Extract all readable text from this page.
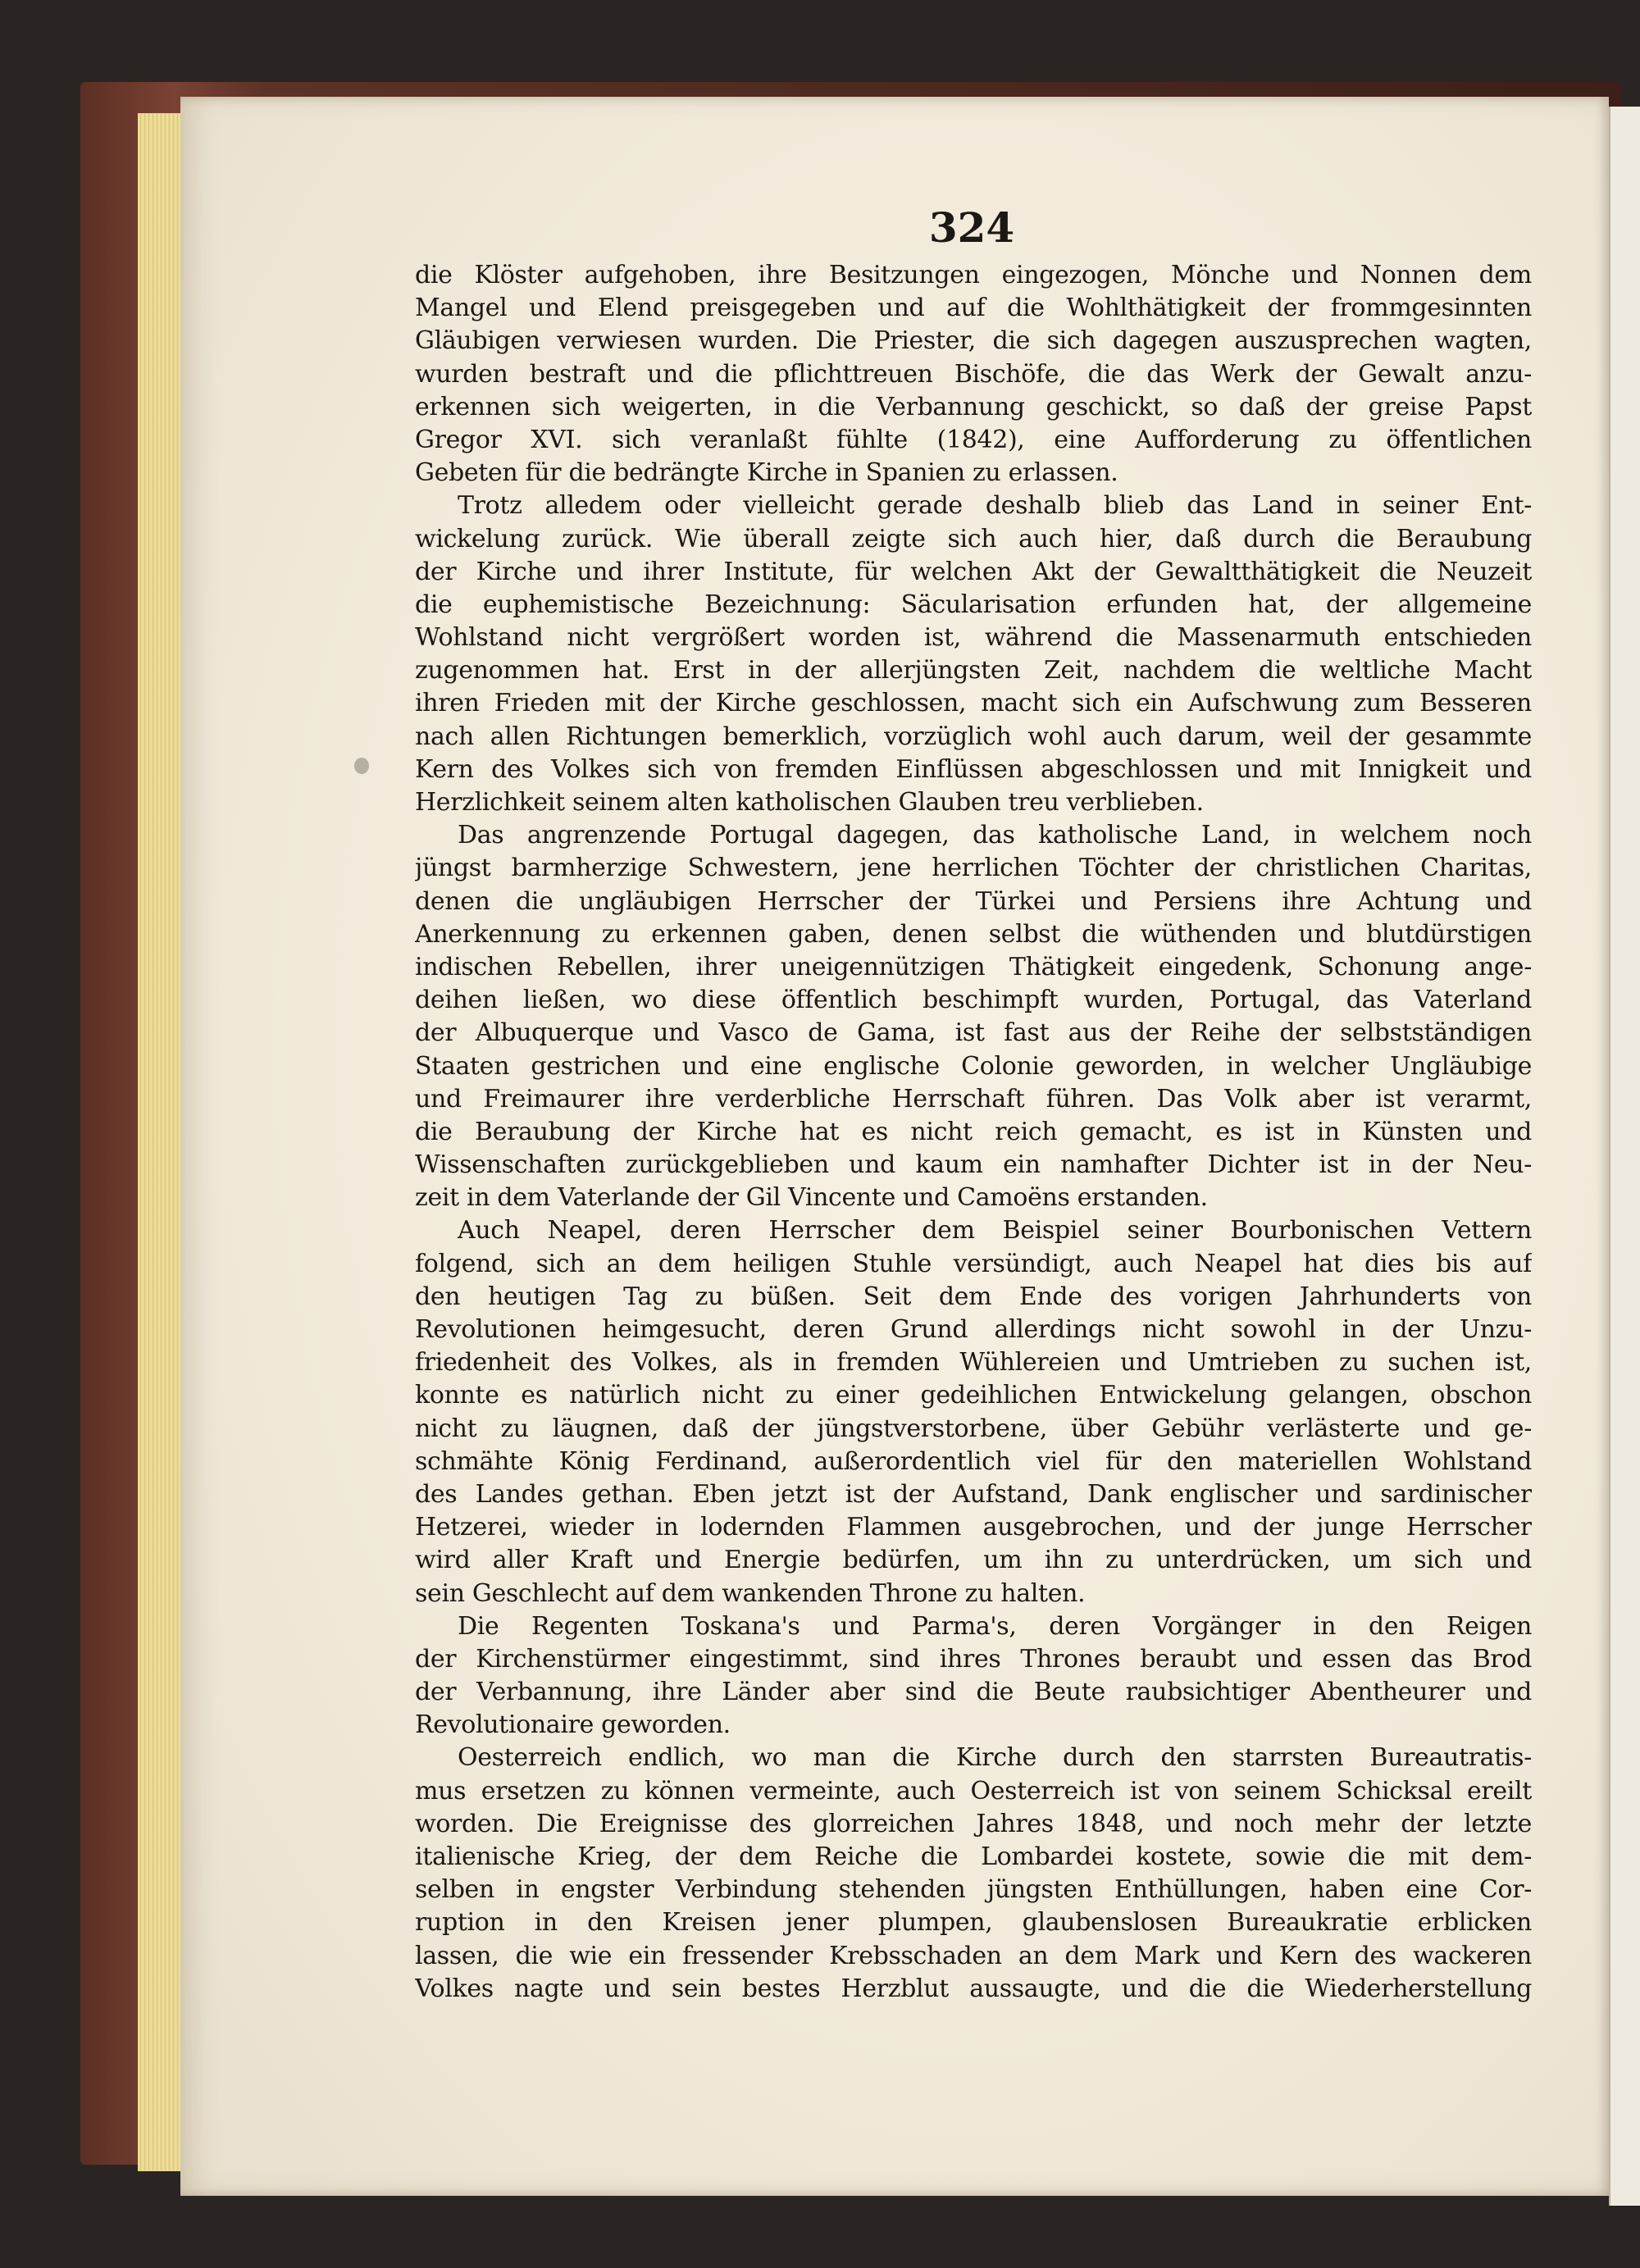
324
die Klöster aufgehoben, ihre Besitzungen eingezogen, Mönche und Nonnen dem
Mangel und Elend preisgegeben und auf die Wohlthätigkeit der frommgesinnten
Gläubigen verwiesen wurden. Die Priester, die sich dagegen auszusprechen wagten,
wurden bestraft und die pflichttreuen Bischöfe, die das Werk der Gewalt anzu-
erkennen sich weigerten, in die Verbannung geschickt, so daß der greise Papst
Gregor XVI. sich veranlaßt fühlte (1842), eine Aufforderung zu öffentlichen
Gebeten für die bedrängte Kirche in Spanien zu erlassen.
Trotz alledem oder vielleicht gerade deshalb blieb das Land in seiner Ent-
wickelung zurück. Wie überall zeigte sich auch hier, daß durch die Beraubung
der Kirche und ihrer Institute, für welchen Akt der Gewaltthätigkeit die Neuzeit
die euphemistische Bezeichnung: Säcularisation erfunden hat, der allgemeine
Wohlstand nicht vergrößert worden ist, während die Massenarmuth entschieden
zugenommen hat. Erst in der allerjüngsten Zeit, nachdem die weltliche Macht
ihren Frieden mit der Kirche geschlossen, macht sich ein Aufschwung zum Besseren
nach allen Richtungen bemerklich, vorzüglich wohl auch darum, weil der gesammte
Kern des Volkes sich von fremden Einflüssen abgeschlossen und mit Innigkeit und
Herzlichkeit seinem alten katholischen Glauben treu verblieben.
Das angrenzende Portugal dagegen, das katholische Land, in welchem noch
jüngst barmherzige Schwestern, jene herrlichen Töchter der christlichen Charitas,
denen die ungläubigen Herrscher der Türkei und Persiens ihre Achtung und
Anerkennung zu erkennen gaben, denen selbst die wüthenden und blutdürstigen
indischen Rebellen, ihrer uneigennützigen Thätigkeit eingedenk, Schonung ange-
deihen ließen, wo diese öffentlich beschimpft wurden, Portugal, das Vaterland
der Albuquerque und Vasco de Gama, ist fast aus der Reihe der selbstständigen
Staaten gestrichen und eine englische Colonie geworden, in welcher Ungläubige
und Freimaurer ihre verderbliche Herrschaft führen. Das Volk aber ist verarmt,
die Beraubung der Kirche hat es nicht reich gemacht, es ist in Künsten und
Wissenschaften zurückgeblieben und kaum ein namhafter Dichter ist in der Neu-
zeit in dem Vaterlande der Gil Vincente und Camoëns erstanden.
Auch Neapel, deren Herrscher dem Beispiel seiner Bourbonischen Vettern
folgend, sich an dem heiligen Stuhle versündigt, auch Neapel hat dies bis auf
den heutigen Tag zu büßen. Seit dem Ende des vorigen Jahrhunderts von
Revolutionen heimgesucht, deren Grund allerdings nicht sowohl in der Unzu-
friedenheit des Volkes, als in fremden Wühlereien und Umtrieben zu suchen ist,
konnte es natürlich nicht zu einer gedeihlichen Entwickelung gelangen, obschon
nicht zu läugnen, daß der jüngstverstorbene, über Gebühr verlästerte und ge-
schmähte König Ferdinand, außerordentlich viel für den materiellen Wohlstand
des Landes gethan. Eben jetzt ist der Aufstand, Dank englischer und sardinischer
Hetzerei, wieder in lodernden Flammen ausgebrochen, und der junge Herrscher
wird aller Kraft und Energie bedürfen, um ihn zu unterdrücken, um sich und
sein Geschlecht auf dem wankenden Throne zu halten.
Die Regenten Toskana's und Parma's, deren Vorgänger in den Reigen
der Kirchenstürmer eingestimmt, sind ihres Thrones beraubt und essen das Brod
der Verbannung, ihre Länder aber sind die Beute raubsichtiger Abentheurer und
Revolutionaire geworden.
Oesterreich endlich, wo man die Kirche durch den starrsten Bureautratis-
mus ersetzen zu können vermeinte, auch Oesterreich ist von seinem Schicksal ereilt
worden. Die Ereignisse des glorreichen Jahres 1848, und noch mehr der letzte
italienische Krieg, der dem Reiche die Lombardei kostete, sowie die mit dem-
selben in engster Verbindung stehenden jüngsten Enthüllungen, haben eine Cor-
ruption in den Kreisen jener plumpen, glaubenslosen Bureaukratie erblicken
lassen, die wie ein fressender Krebsschaden an dem Mark und Kern des wackeren
Volkes nagte und sein bestes Herzblut aussaugte, und die die Wiederherstellung
